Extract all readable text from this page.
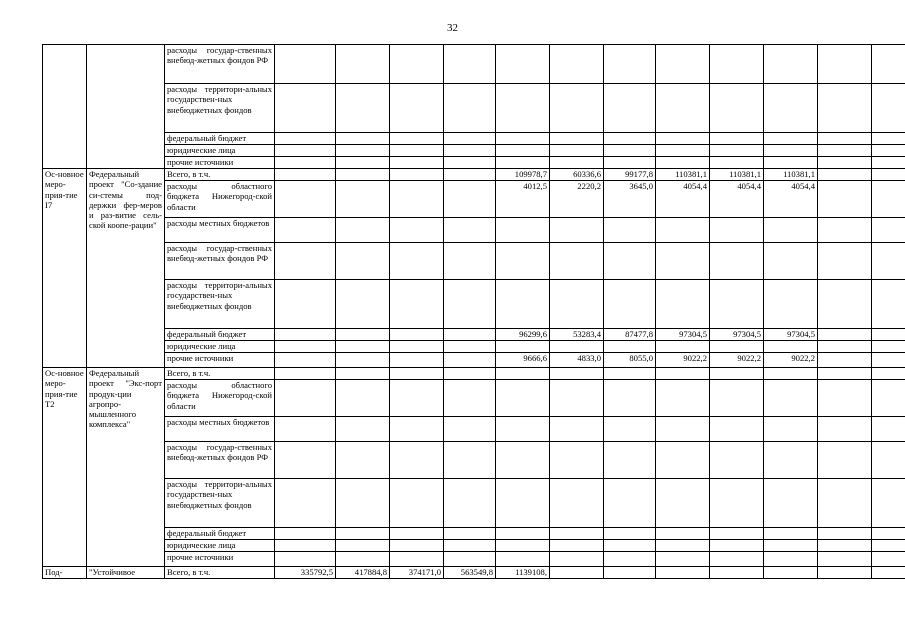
32
		расходы государ-ственных внебюд-жетных фондов РФ												
		расходы территори-альных государствен-ных внебюджетных фондов												
		федеральный бюджет												
		юридические лица												
		прочие источники												
Ос-новное меро-прия-тие I7	Федеральный проект "Со-здание си-стемы под-держки фер-меров и раз-витие сель-ской коопе-рации"	Всего, в т.ч.					109978,7	60336,6	99177,8	110381,1	110381,1	110381,1		
		расходы областного бюджета Нижегород-ской области					4012,5	2220,2	3645,0	4054,4	4054,4	4054,4		
		расходы местных бюджетов												
		расходы государ-ственных внебюд-жетных фондов РФ												
		расходы территори-альных государствен-ных внебюджетных фондов												
		федеральный бюджет					96299,6	53283,4	87477,8	97304,5	97304,5	97304,5		
		юридические лица												
		прочие источники					9666,6	4833,0	8055,0	9022,2	9022,2	9022,2		
Ос-новное меро-прия-тие T2	Федеральный проект "Экс-порт продук-ции агропро-мышленного комплекса"	Всего, в т.ч.												
		расходы областного бюджета Нижегород-ской области												
		расходы местных бюджетов												
		расходы государ-ственных внебюд-жетных фондов РФ												
		расходы территори-альных государствен-ных внебюджетных фондов												
		федеральный бюджет												
		юридические лица												
		прочие источники												
Под-	"Устойчивое	Всего, в т.ч.	335792,5	417884,8	374171,0	563549,8	1139108,							
